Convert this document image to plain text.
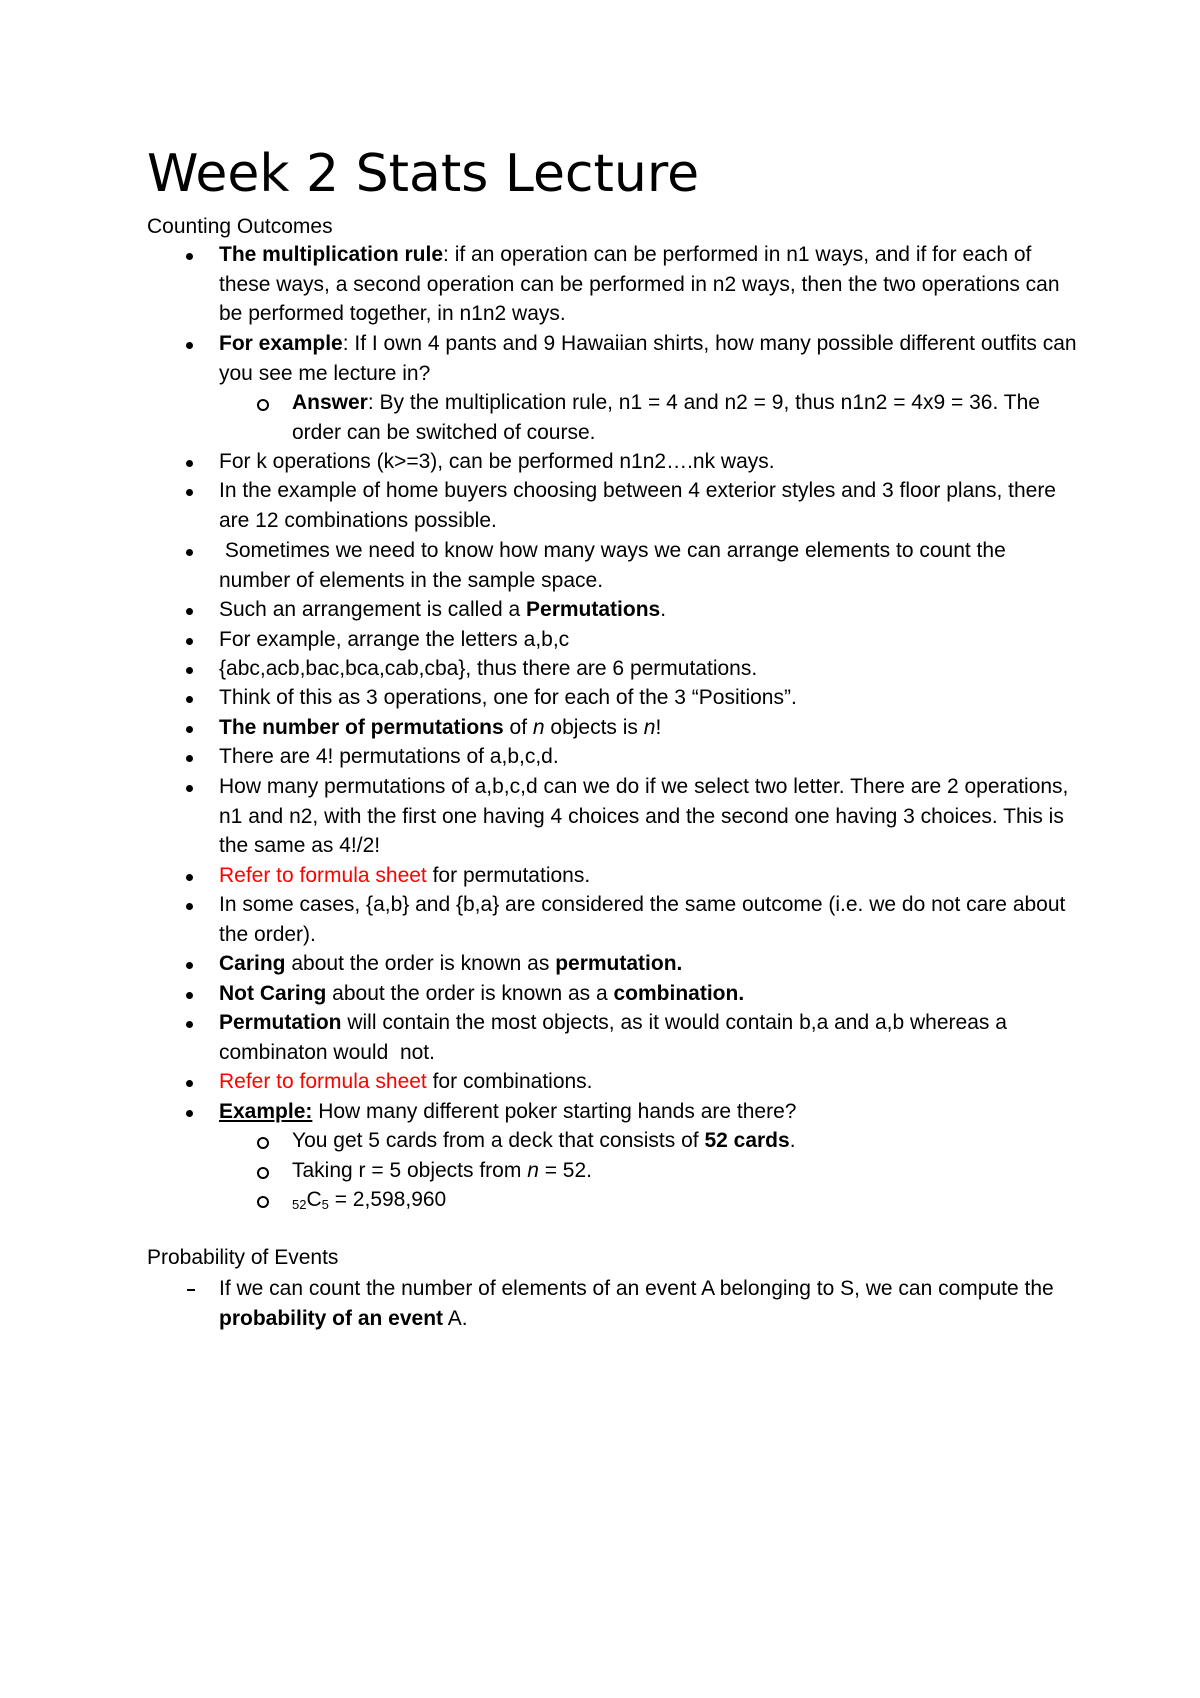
Week 2 Stats Lecture
Counting Outcomes
The multiplication rule: if an operation can be performed in n1 ways, and if for each of these ways, a second operation can be performed in n2 ways, then the two operations can be performed together, in n1n2 ways.
For example: If I own 4 pants and 9 Hawaiian shirts, how many possible different outfits can you see me lecture in?
Answer: By the multiplication rule, n1 = 4 and n2 = 9, thus n1n2 = 4x9 = 36. The order can be switched of course.
For k operations (k>=3), can be performed n1n2….nk ways.
In the example of home buyers choosing between 4 exterior styles and 3 floor plans, there are 12 combinations possible.
Sometimes we need to know how many ways we can arrange elements to count the number of elements in the sample space.
Such an arrangement is called a Permutations.
For example, arrange the letters a,b,c
{abc,acb,bac,bca,cab,cba}, thus there are 6 permutations.
Think of this as 3 operations, one for each of the 3 “Positions”.
The number of permutations of n objects is n!
There are 4! permutations of a,b,c,d.
How many permutations of a,b,c,d can we do if we select two letter. There are 2 operations, n1 and n2, with the first one having 4 choices and the second one having 3 choices. This is the same as 4!/2!
Refer to formula sheet for permutations.
In some cases, {a,b} and {b,a} are considered the same outcome (i.e. we do not care about the order).
Caring about the order is known as permutation.
Not Caring about the order is known as a combination.
Permutation will contain the most objects, as it would contain b,a and a,b whereas a combinaton would  not.
Refer to formula sheet for combinations.
Example: How many different poker starting hands are there?
You get 5 cards from a deck that consists of 52 cards.
Taking r = 5 objects from n = 52.
52C5 = 2,598,960
Probability of Events
If we can count the number of elements of an event A belonging to S, we can compute the probability of an event A.
